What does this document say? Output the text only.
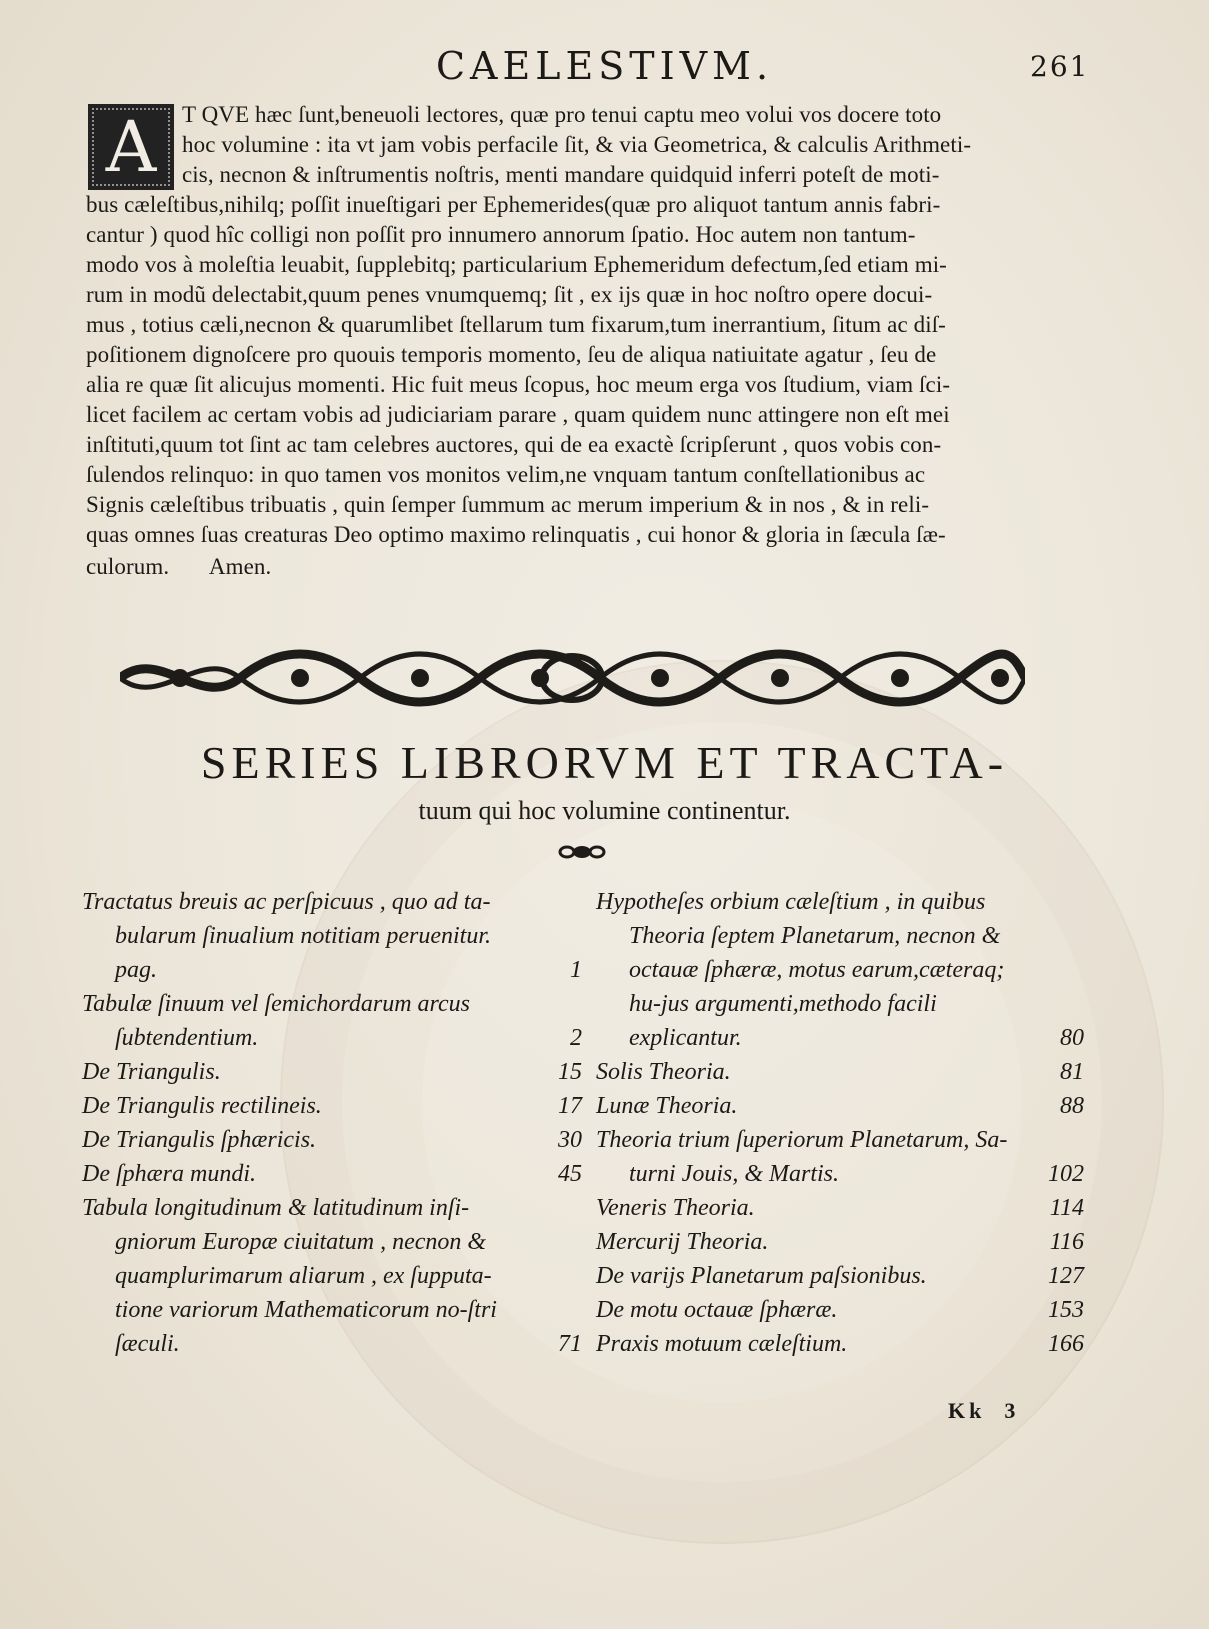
CAELESTIVM.	261
A	T QVE hæc ſunt,beneuoli lectores, quæ pro tenui captu meo volui vos docere toto
hoc volumine : ita vt jam vobis perfacile ſit, & via Geometrica, & calculis Arithmeti-
cis, necnon & inſtrumentis noſtris, menti mandare quidquid inferri poteſt de moti-
bus cæleſtibus,nihilq; poſſit inueſtigari per Ephemerides(quæ pro aliquot tantum annis fabri-
cantur ) quod hîc colligi non poſſit pro innumero annorum ſpatio. Hoc autem non tantum-
modo vos à moleſtia leuabit, ſupplebitq; particularium Ephemeridum defectum,ſed etiam mi-
rum in modũ delectabit,quum penes vnumquemq; ſit , ex ijs quæ in hoc noſtro opere docui-
mus , totius cæli,necnon & quarumlibet ſtellarum tum fixarum,tum inerrantium, ſitum ac diſ-
poſitionem dignoſcere pro quouis temporis momento, ſeu de aliqua natiuitate agatur , ſeu de
alia re quæ ſit alicujus momenti. Hic fuit meus ſcopus, hoc meum erga vos ſtudium, viam ſci-
licet facilem ac certam vobis ad judiciariam parare , quam quidem nunc attingere non eſt mei
inſtituti,quum tot ſint ac tam celebres auctores, qui de ea exactè ſcripſerunt , quos vobis con-
ſulendos relinquo: in quo tamen vos monitos velim,ne vnquam tantum conſtellationibus ac
Signis cæleſtibus tribuatis , quin ſemper ſummum ac merum imperium & in nos , & in reli-
quas omnes ſuas creaturas Deo optimo maximo relinquatis , cui honor & gloria in ſæcula ſæ-
culorum.       Amen.
SERIES LIBRORVM ET TRACTA-
tuum qui hoc volumine continentur.
Tractatus breuis ac perſpicuus , quo ad ta-bularum ſinualium notitiam peruenitur. pag.	1
Tabulæ ſinuum vel ſemichordarum arcus ſubtendentium.	2
De Triangulis.	15
De Triangulis rectilineis.	17
De Triangulis ſphæricis.	30
De ſphæra mundi.	45
Tabula longitudinum & latitudinum inſi-gniorum Europæ ciuitatum , necnon & quamplurimarum aliarum , ex ſupputa-tione variorum Mathematicorum no-ſtri ſæculi.	71
Hypotheſes orbium cæleſtium , in quibus Theoria ſeptem Planetarum, necnon & octauæ ſphæræ, motus earum,cæteraq; hu-jus argumenti,methodo facili explicantur.	80
Solis Theoria.	81
Lunæ Theoria.	88
Theoria trium ſuperiorum Planetarum, Sa-turni Jouis, & Martis.	102
Veneris Theoria.	114
Mercurij Theoria.	116
De varijs Planetarum paſsionibus.	127
De motu octauæ ſphæræ.	153
Praxis motuum cæleſtium.	166
Kk  3
